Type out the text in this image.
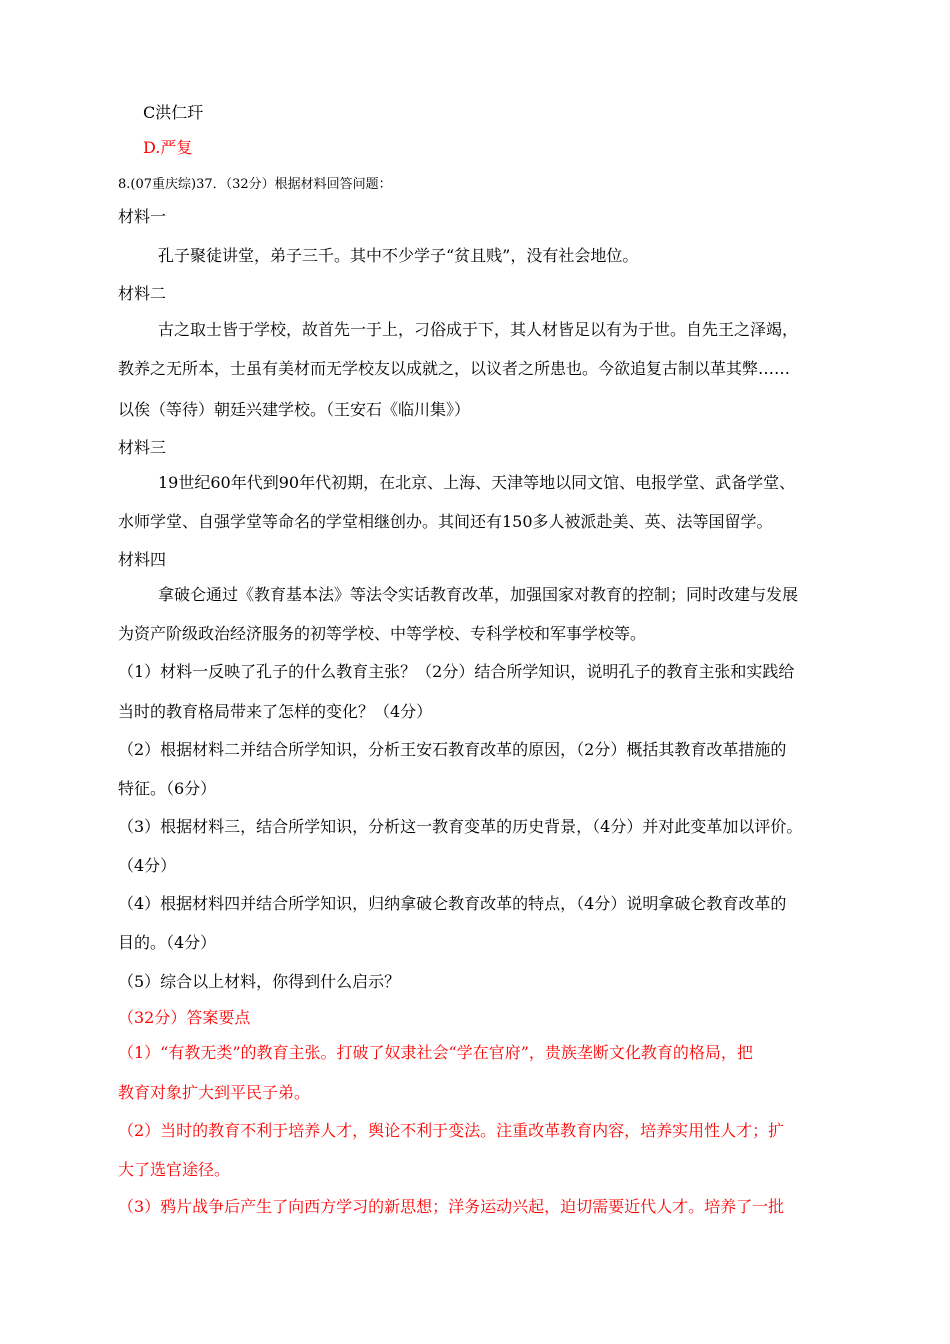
C洪仁玕
D.严复
8.(07重庆综)37．（32分）根据材料回答问题：
材料一
孔子聚徒讲堂，弟子三千。其中不少学子“贫且贱”，没有社会地位。
材料二
古之取士皆于学校，故首先一于上，刁俗成于下，其人材皆足以有为于世。自先王之泽竭，
教养之无所本，士虽有美材而无学校友以成就之，以议者之所患也。今欲追复古制以革其弊……
以俟（等待）朝廷兴建学校。（王安石《临川集》）
材料三
19世纪60年代到90年代初期，在北京、上海、天津等地以同文馆、电报学堂、武备学堂、
水师学堂、自强学堂等命名的学堂相继创办。其间还有150多人被派赴美、英、法等国留学。
材料四
拿破仑通过《教育基本法》等法令实话教育改革，加强国家对教育的控制；同时改建与发展
为资产阶级政治经济服务的初等学校、中等学校、专科学校和军事学校等。
（1）材料一反映了孔子的什么教育主张？（2分）结合所学知识，说明孔子的教育主张和实践给
当时的教育格局带来了怎样的变化？（4分）
（2）根据材料二并结合所学知识，分析王安石教育改革的原因，（2分）概括其教育改革措施的
特征。（6分）
（3）根据材料三，结合所学知识，分析这一教育变革的历史背景，（4分）并对此变革加以评价。
（4分）
（4）根据材料四并结合所学知识，归纳拿破仑教育改革的特点，（4分）说明拿破仑教育改革的
目的。（4分）
（5）综合以上材料，你得到什么启示？
（32分）答案要点
（1）“有教无类”的教育主张。打破了奴隶社会“学在官府”，贵族垄断文化教育的格局，把
教育对象扩大到平民子弟。
（2）当时的教育不利于培养人才，舆论不利于变法。注重改革教育内容，培养实用性人才；扩
大了选官途径。
（3）鸦片战争后产生了向西方学习的新思想；洋务运动兴起，迫切需要近代人才。培养了一批
